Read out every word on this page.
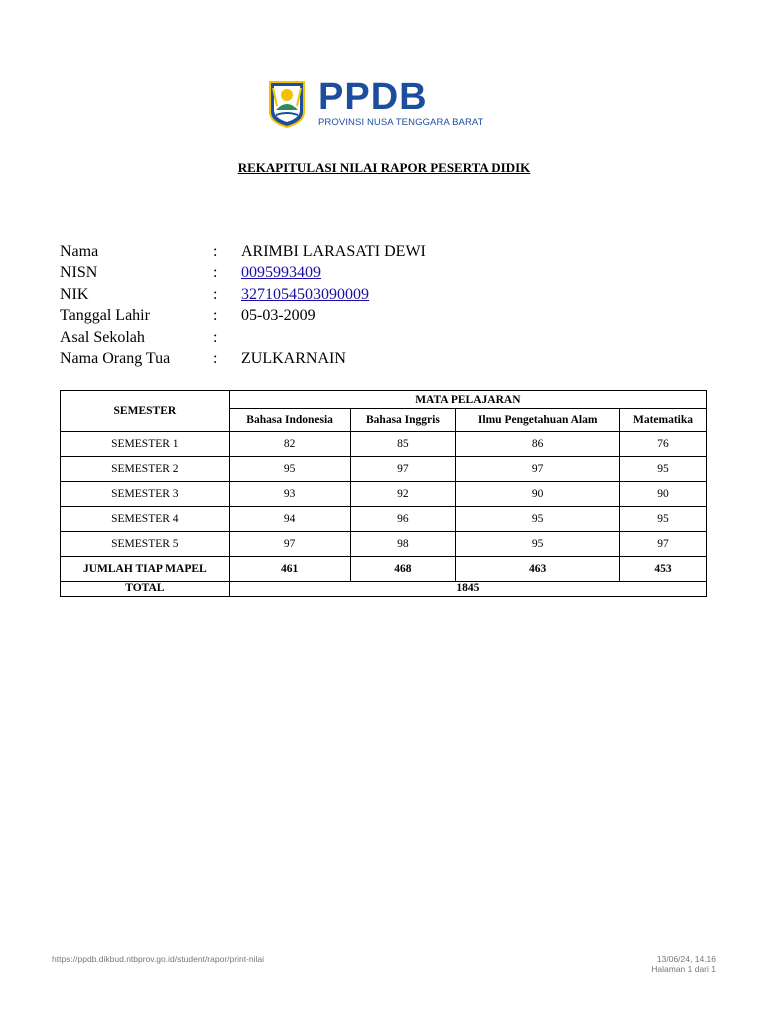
PPDB
PROVINSI NUSA TENGGARA BARAT
REKAPITULASI NILAI RAPOR PESERTA DIDIK
Nama	:	ARIMBI LARASATI DEWI
NISN	:	0095993409
NIK	:	3271054503090009
Tanggal Lahir	:	05-03-2009
Asal Sekolah	:	
Nama Orang Tua	:	ZULKARNAIN
SEMESTER	MATA PELAJARAN			
	Bahasa Indonesia	Bahasa Inggris	Ilmu Pengetahuan Alam	Matematika
SEMESTER 1	82	85	86	76
SEMESTER 2	95	97	97	95
SEMESTER 3	93	92	90	90
SEMESTER 4	94	96	95	95
SEMESTER 5	97	98	95	97
JUMLAH TIAP MAPEL	461	468	463	453
TOTAL	1845			
https://ppdb.dikbud.ntbprov.go.id/student/rapor/print-nilai	13/06/24, 14.16
Halaman 1 dari 1
